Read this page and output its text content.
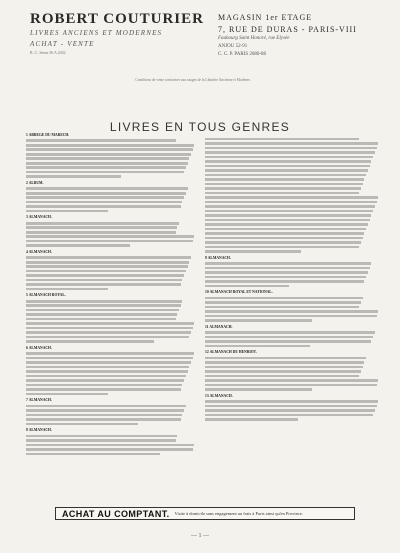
ROBERT COUTURIER

LIVRES ANCIENS ET MODERNES
ACHAT - VENTE
R. C. Seine 56 A 2042
MAGASIN 1er ETAGE
7, RUE DE DURAS - PARIS-VIII
Faubourg Saint Honoré, rue Elysée
ANJOU 52-91
C. C. P. PARIS 2080-88
Conditions de vente conformes aux usages de la Librairie Ancienne et Moderne.
LIVRES EN TOUS GENRES
1 ABREGE DU MARECH.
2 ALBUM.
3 ALMANACH.
4 ALMANACH.
5 ALMANACH ROYAL.
6 ALMANACH.
7 ALMANACH.
8 ALMANACH.
9 ALMANACH.
10 ALMANACH ROYAL ET NATIONAL.
11 ALMANACH.
12 ALMANACH DE HENRIOT.
13 ALMANACH.
ACHAT AU COMPTANT. Visite à domicile sans engagement au frais à Paris ainsi qu'en Province.
— 1 —
